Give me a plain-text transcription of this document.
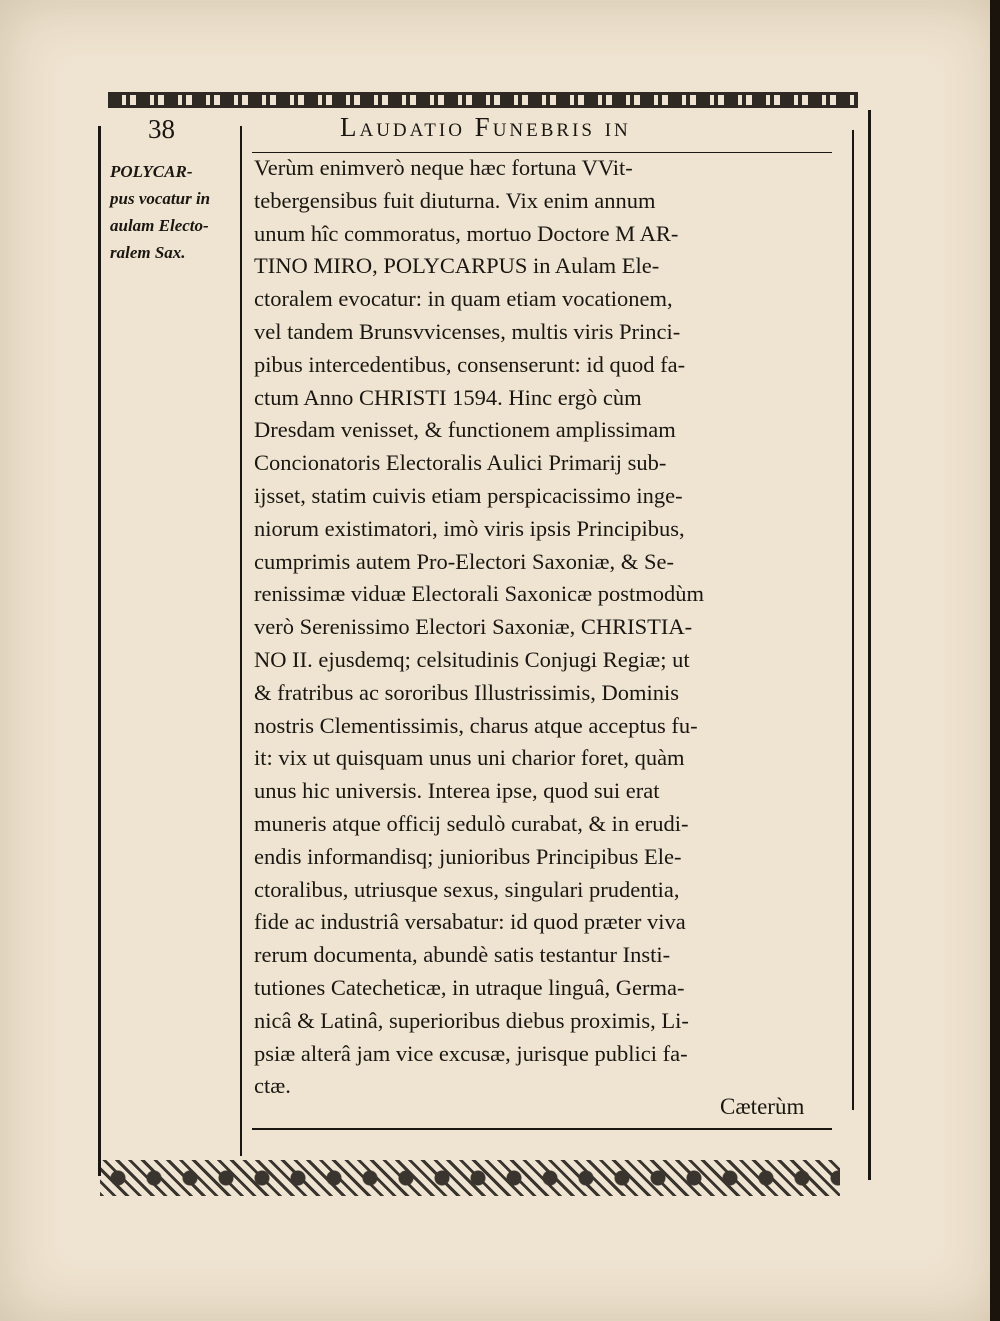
38	Laudatio Funebris in

POLYCAR-
pus vocatur in
aulam Electo-
ralem Sax.

Verùm enimverò neque hæc fortuna VVit-
tebergensibus fuit diuturna. Vix enim annum
unum hîc commoratus, mortuo Doctore M AR-
TINO MIRO, POLYCARPUS in Aulam Ele-
ctoralem evocatur: in quam etiam vocationem,
vel tandem Brunsvvicenses, multis viris Princi-
pibus intercedentibus, consenserunt: id quod fa-
ctum Anno CHRISTI 1594. Hinc ergò cùm
Dresdam venisset, & functionem amplissimam
Concionatoris Electoralis Aulici Primarij sub-
ijsset, statim cuivis etiam perspicacissimo inge-
niorum existimatori, imò viris ipsis Principibus,
cumprimis autem Pro-Electori Saxoniæ, & Se-
renissimæ viduæ Electorali Saxonicæ postmodùm
verò Serenissimo Electori Saxoniæ, CHRISTIA-
NO II. ejusdemq; celsitudinis Conjugi Regiæ; ut
& fratribus ac sororibus Illustrissimis, Dominis
nostris Clementissimis, charus atque acceptus fu-
it: vix ut quisquam unus uni charior foret, quàm
unus hic universis. Interea ipse, quod sui erat
muneris atque officij sedulò curabat, & in erudi-
endis informandisq; junioribus Principibus Ele-
ctoralibus, utriusque sexus, singulari prudentia,
fide ac industriâ versabatur: id quod præter viva
rerum documenta, abundè satis testantur Insti-
tutiones Catecheticæ, in utraque linguâ, Germa-
nicâ & Latinâ, superioribus diebus proximis, Li-
psiæ alterâ jam vice excusæ, jurisque publici fa-
ctæ.

Cæterùm
